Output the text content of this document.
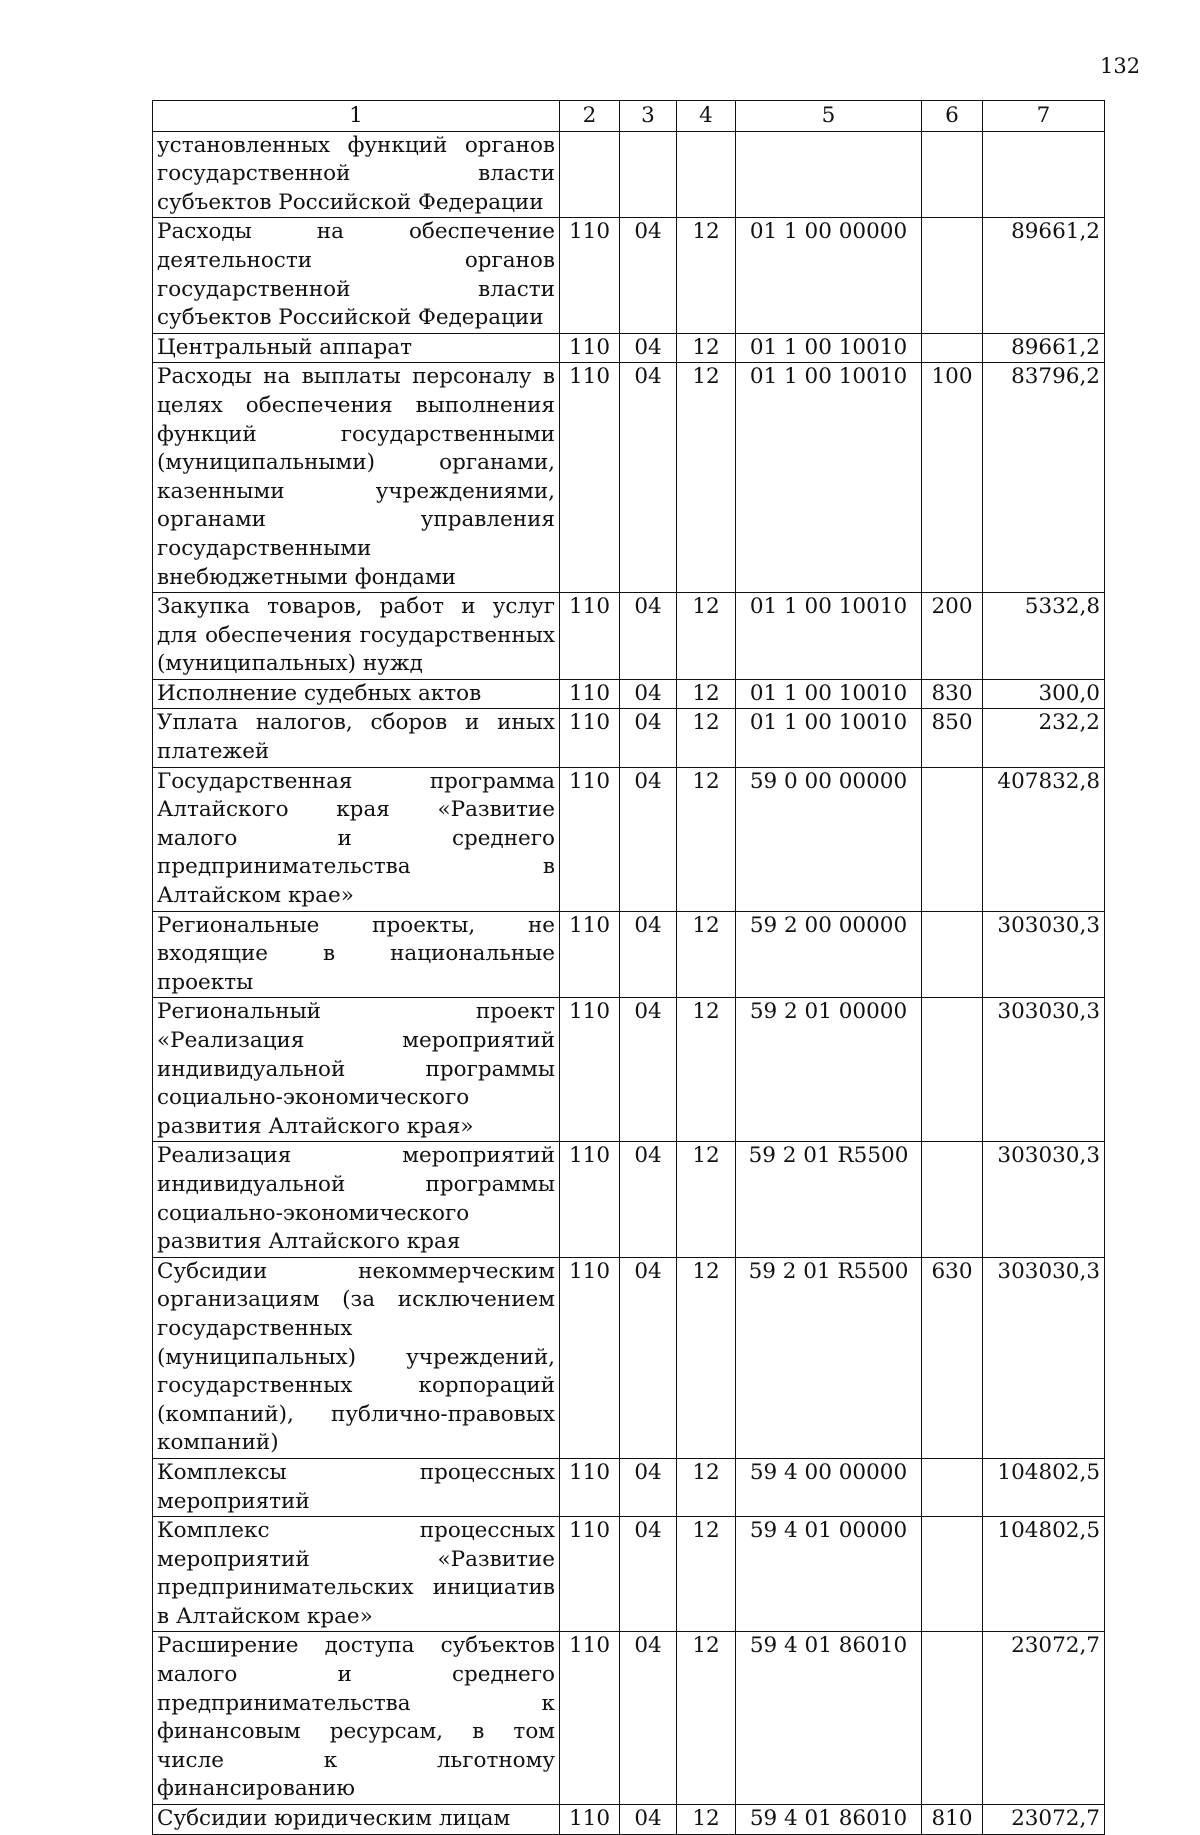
132
1	2	3	4	5	6	7
установленных функций органов государственной власти субъектов Российской Федерации						
Расходы на обеспечение деятельности органов государственной власти субъектов Российской Федерации	110	04	12	01 1 00 00000		89661,2
Центральный аппарат	110	04	12	01 1 00 10010		89661,2
Расходы на выплаты персоналу в целях обеспечения выполнения функций государственными (муниципальными) органами, казенными учреждениями, органами управления государственными внебюджетными фондами	110	04	12	01 1 00 10010	100	83796,2
Закупка товаров, работ и услуг для обеспечения государственных (муниципальных) нужд	110	04	12	01 1 00 10010	200	5332,8
Исполнение судебных актов	110	04	12	01 1 00 10010	830	300,0
Уплата налогов, сборов и иных платежей	110	04	12	01 1 00 10010	850	232,2
Государственная программа Алтайского края «Развитие малого и среднего предпринимательства в Алтайском крае»	110	04	12	59 0 00 00000		407832,8
Региональные проекты, не входящие в национальные проекты	110	04	12	59 2 00 00000		303030,3
Региональный проект «Реализация мероприятий индивидуальной программы социально-экономического развития Алтайского края»	110	04	12	59 2 01 00000		303030,3
Реализация мероприятий индивидуальной программы социально-экономического развития Алтайского края	110	04	12	59 2 01 R5500		303030,3
Субсидии некоммерческим организациям (за исключением государственных (муниципальных) учреждений, государственных корпораций (компаний), публично-правовых компаний)	110	04	12	59 2 01 R5500	630	303030,3
Комплексы процессных мероприятий	110	04	12	59 4 00 00000		104802,5
Комплекс процессных мероприятий «Развитие предпринимательских инициатив в Алтайском крае»	110	04	12	59 4 01 00000		104802,5
Расширение доступа субъектов малого и среднего предпринимательства к финансовым ресурсам, в том числе к льготному финансированию	110	04	12	59 4 01 86010		23072,7
Субсидии юридическим лицам	110	04	12	59 4 01 86010	810	23072,7
